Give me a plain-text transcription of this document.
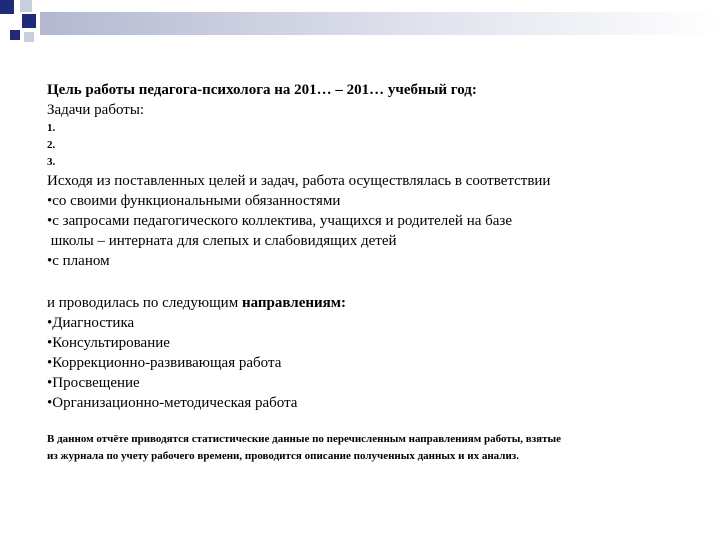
Цель работы педагога-психолога на 201… – 201… учебный год:
Задачи работы:
1.
2.
3.
Исходя из поставленных целей и задач, работа осуществлялась в соответствии
•со своими функциональными обязанностями
•с запросами педагогического коллектива, учащихся и родителей на базе
школы – интерната для слепых и слабовидящих детей
•с планом
и проводилась по следующим направлениям:
•Диагностика
•Консультирование
•Коррекционно-развивающая работа
•Просвещение
•Организационно-методическая работа
В данном отчёте приводятся статистические данные по перечисленным направлениям работы, взятые
из журнала по учету рабочего времени, проводится описание полученных данных и их анализ.
